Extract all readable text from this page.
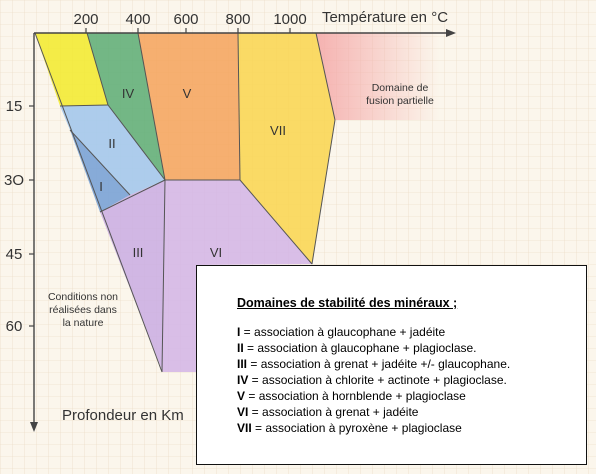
200 400 600 800 1000 Température en °C
15
3O
45
60
Profondeur en Km
IV	V
VII
II
I
III	VI
Domaine de
fusion partielle
Conditions non
réalisées dans
la nature
Domaines de stabilité des minéraux ;
I = association à glaucophane + jadéite
II = association à glaucophane + plagioclase.
III = association à grenat + jadéite +/- glaucophane.
IV = association à chlorite + actinote + plagioclase.
V = association à hornblende + plagioclase
VI = association à grenat + jadéite
VII = association à pyroxène + plagioclase
